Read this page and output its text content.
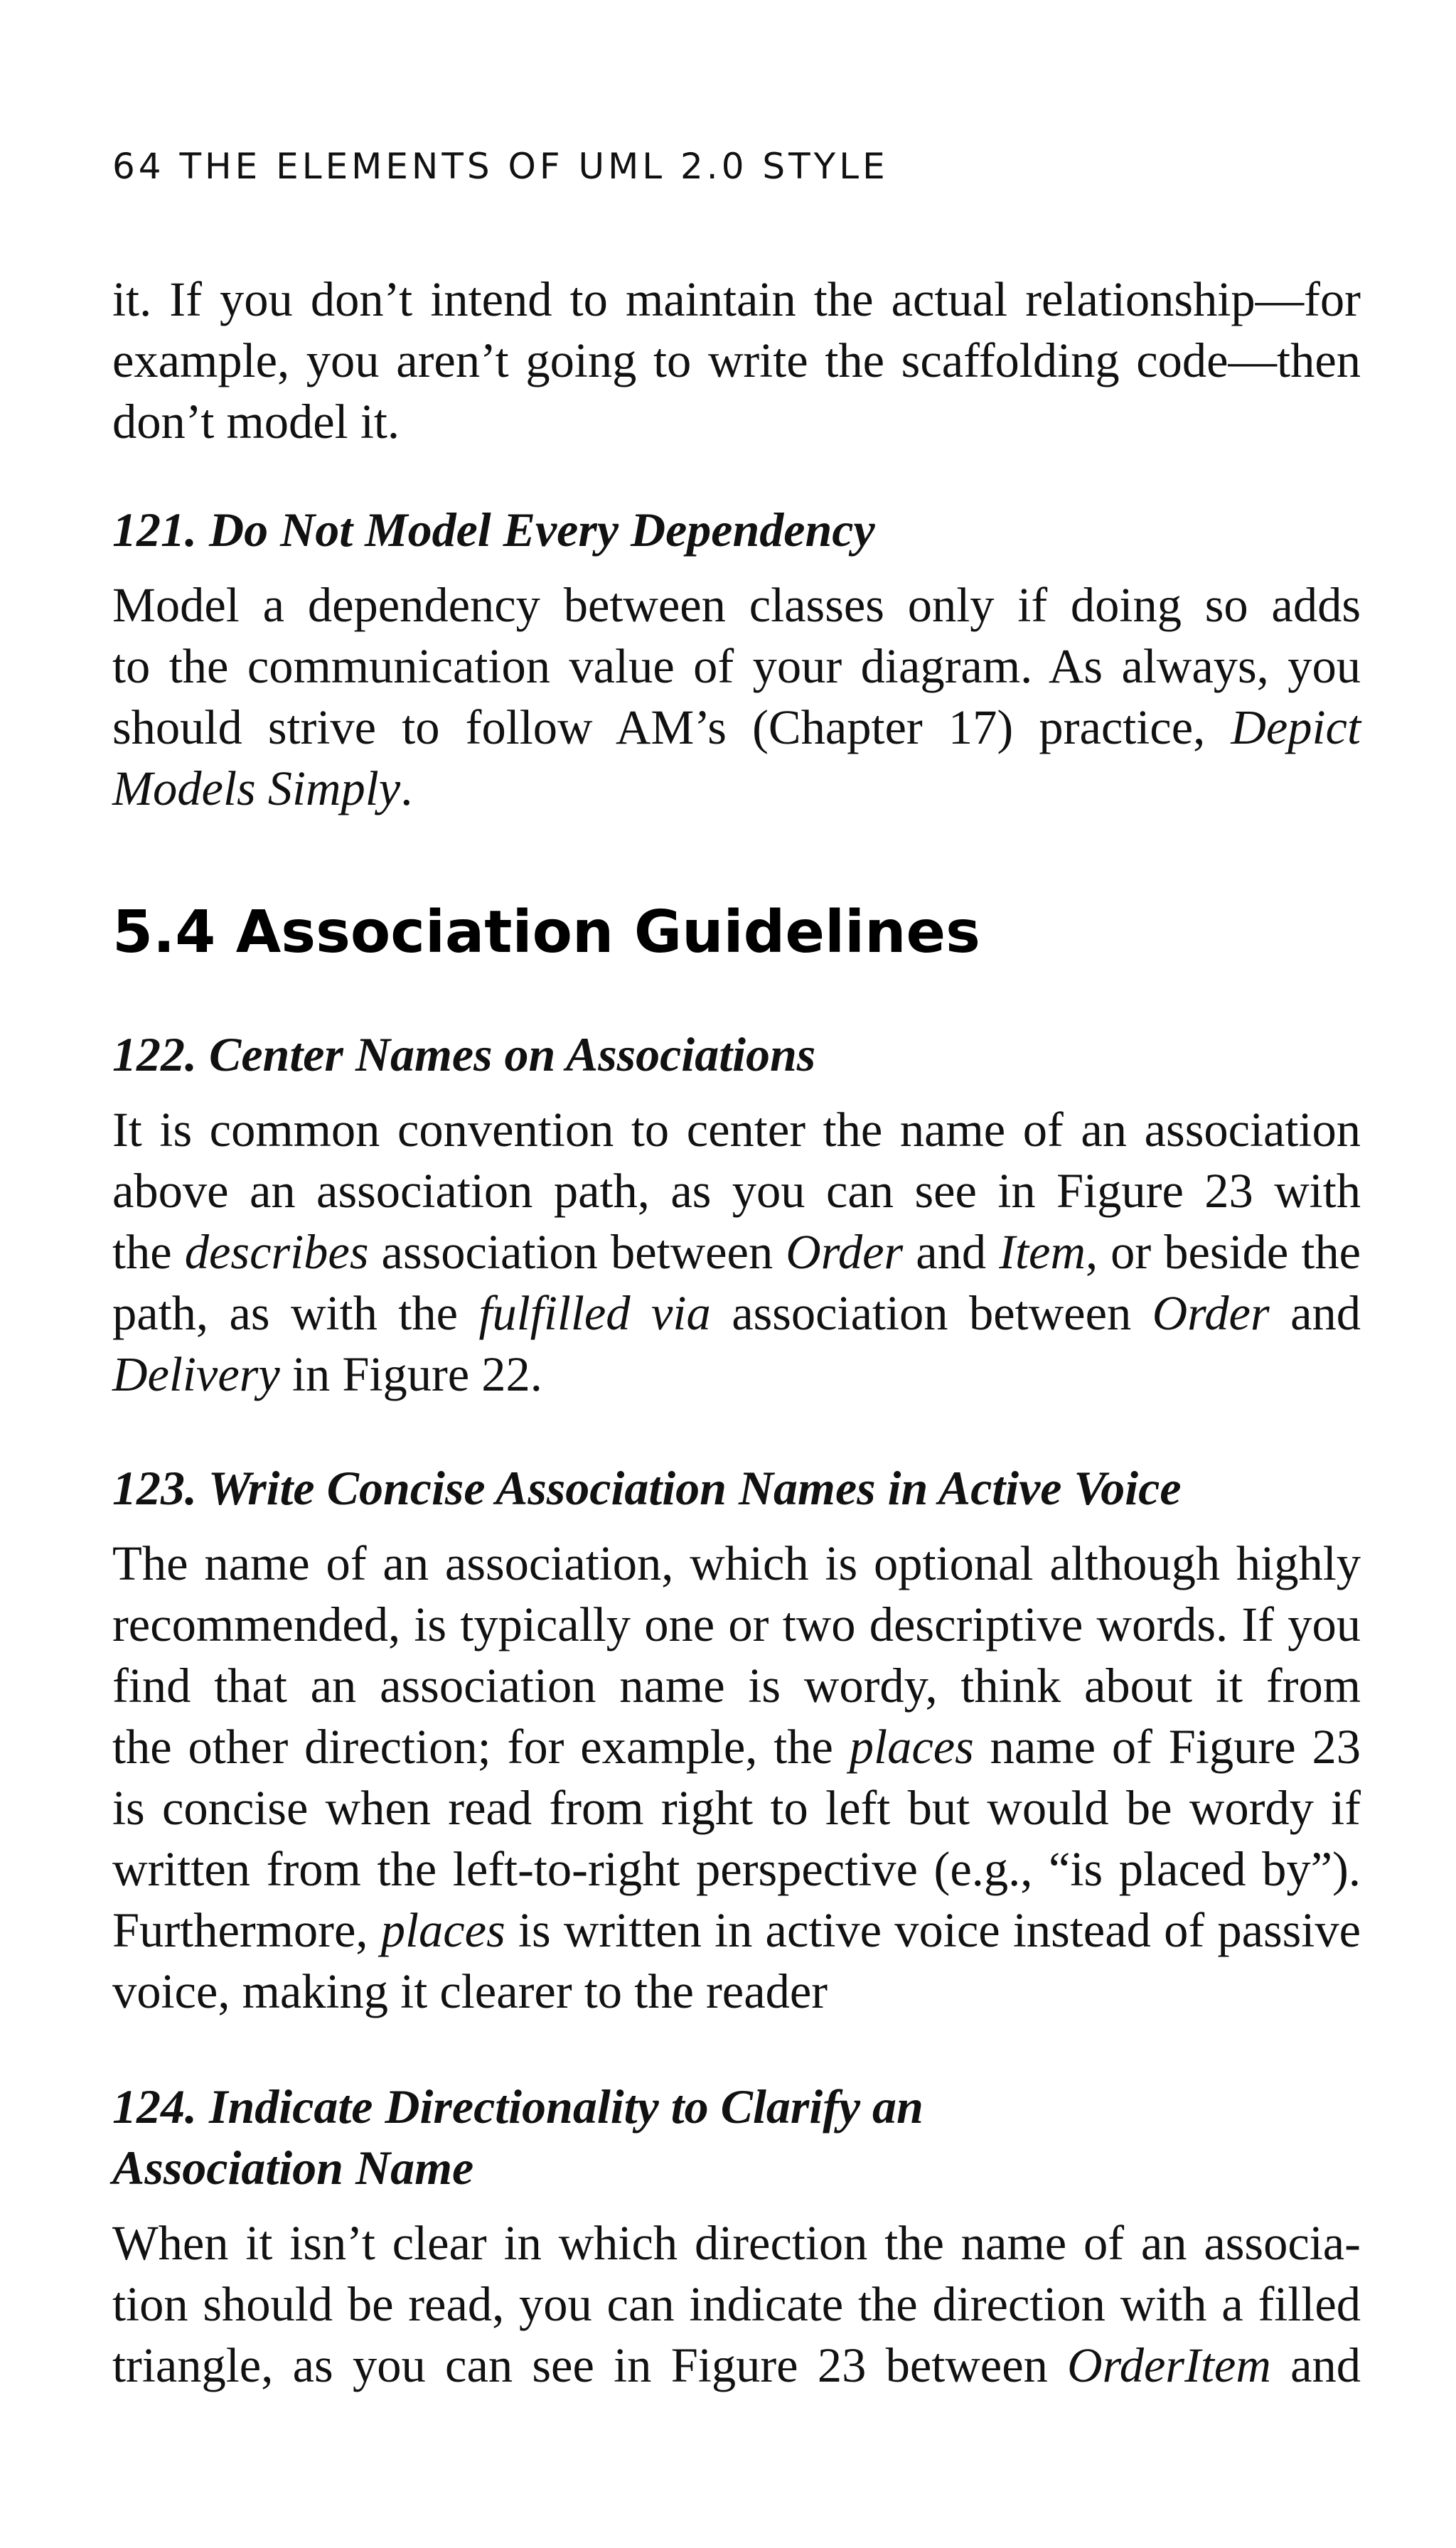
64 THE ELEMENTS OF UML 2.0 STYLE
it. If you don’t intend to maintain the actual relationship—for
example, you aren’t going to write the scaffolding code—then
don’t model it.
121. Do Not Model Every Dependency
Model a dependency between classes only if doing so adds
to the communication value of your diagram. As always, you
should strive to follow AM’s (Chapter 17) practice, Depict
Models Simply.
5.4 Association Guidelines
122. Center Names on Associations
It is common convention to center the name of an association
above an association path, as you can see in Figure 23 with
the describes association between Order and Item, or beside the
path, as with the fulfilled via association between Order and
Delivery in Figure 22.
123. Write Concise Association Names in Active Voice
The name of an association, which is optional although highly
recommended, is typically one or two descriptive words. If you
find that an association name is wordy, think about it from
the other direction; for example, the places name of Figure 23
is concise when read from right to left but would be wordy if
written from the left-to-right perspective (e.g., “is placed by”).
Furthermore, places is written in active voice instead of passive
voice, making it clearer to the reader
124. Indicate Directionality to Clarify an
Association Name
When it isn’t clear in which direction the name of an associa-
tion should be read, you can indicate the direction with a filled
triangle, as you can see in Figure 23 between OrderItem and
